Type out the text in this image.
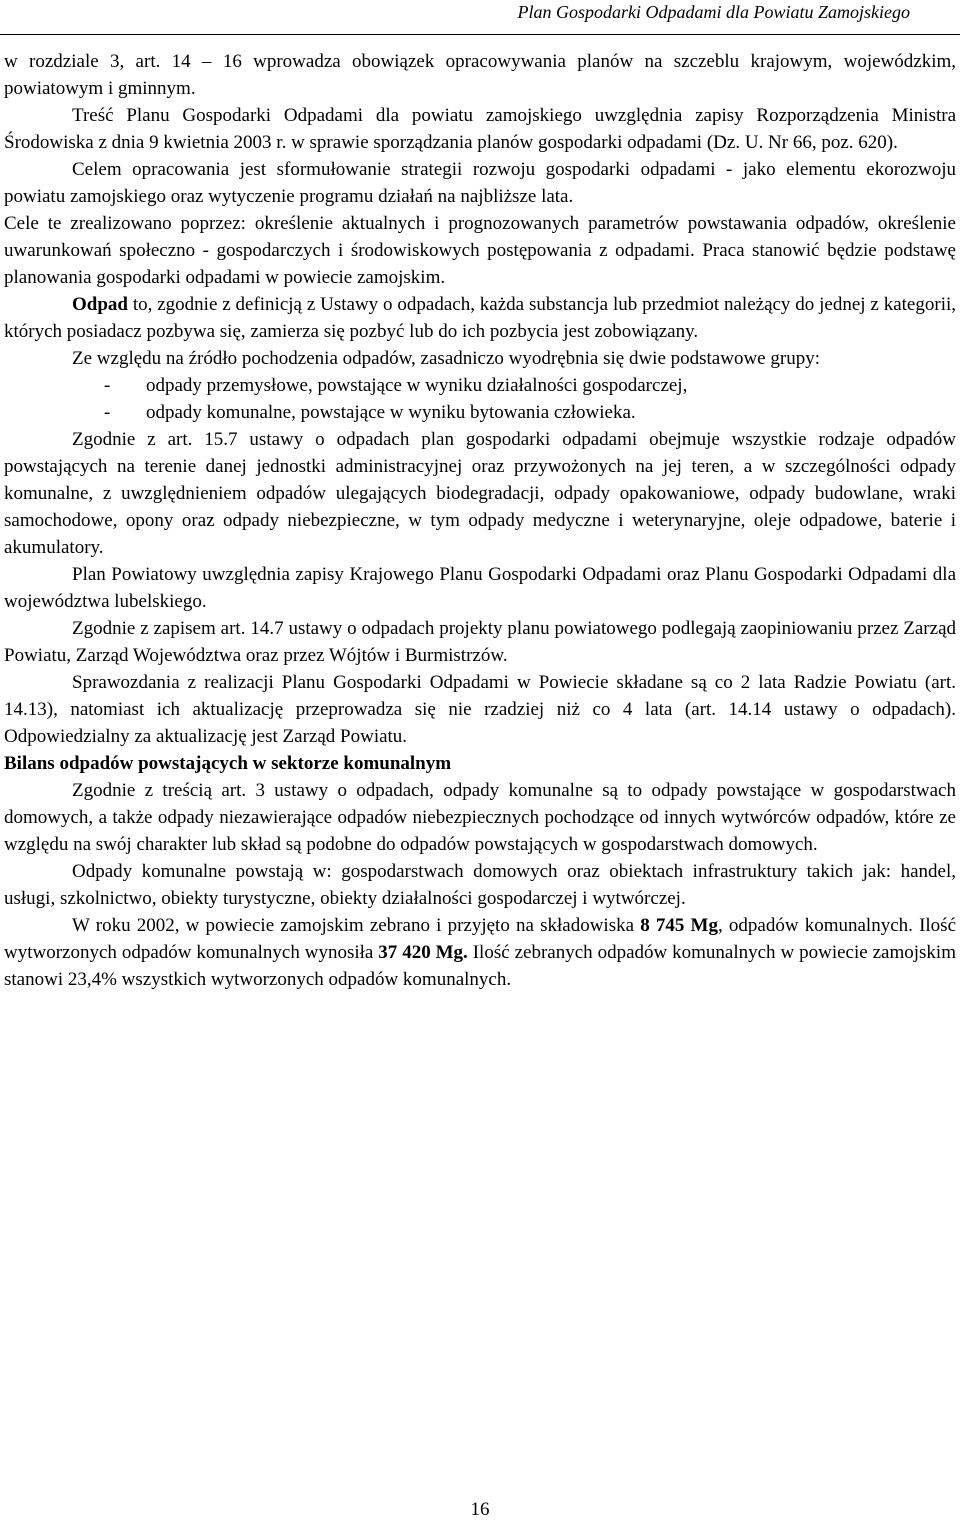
Plan Gospodarki Odpadami dla Powiatu Zamojskiego

w rozdziale 3, art. 14 – 16 wprowadza obowiązek opracowywania planów na szczeblu krajowym, wojewódzkim, powiatowym i gminnym.

Treść Planu Gospodarki Odpadami dla powiatu zamojskiego uwzględnia zapisy Rozporządzenia Ministra Środowiska z dnia 9 kwietnia 2003 r. w sprawie sporządzania planów gospodarki odpadami (Dz. U. Nr 66, poz. 620).

Celem opracowania jest sformułowanie strategii rozwoju gospodarki odpadami - jako elementu ekorozwoju powiatu zamojskiego oraz wytyczenie programu działań na najbliższe lata.

Cele te zrealizowano poprzez: określenie aktualnych i prognozowanych parametrów powstawania odpadów, określenie uwarunkowań społeczno - gospodarczych i środowiskowych postępowania z odpadami. Praca stanowić będzie podstawę planowania gospodarki odpadami w powiecie zamojskim.

Odpad to, zgodnie z definicją z Ustawy o odpadach, każda substancja lub przedmiot należący do jednej z kategorii, których posiadacz pozbywa się, zamierza się pozbyć lub do ich pozbycia jest zobowiązany.

Ze względu na źródło pochodzenia odpadów, zasadniczo wyodrębnia się dwie podstawowe grupy:

- odpady przemysłowe, powstające w wyniku działalności gospodarczej,
- odpady komunalne, powstające w wyniku bytowania człowieka.

Zgodnie z art. 15.7 ustawy o odpadach plan gospodarki odpadami obejmuje wszystkie rodzaje odpadów powstających na terenie danej jednostki administracyjnej oraz przywożonych na jej teren, a w szczególności odpady komunalne, z uwzględnieniem odpadów ulegających biodegradacji, odpady opakowaniowe, odpady budowlane, wraki samochodowe, opony oraz odpady niebezpieczne, w tym odpady medyczne i weterynaryjne, oleje odpadowe, baterie i akumulatory.

Plan Powiatowy uwzględnia zapisy Krajowego Planu Gospodarki Odpadami oraz Planu Gospodarki Odpadami dla województwa lubelskiego.

Zgodnie z zapisem art. 14.7 ustawy o odpadach projekty planu powiatowego podlegają zaopiniowaniu przez Zarząd Powiatu, Zarząd Województwa oraz przez Wójtów i Burmistrzów.

Sprawozdania z realizacji Planu Gospodarki Odpadami w Powiecie składane są co 2 lata Radzie Powiatu (art. 14.13), natomiast ich aktualizację przeprowadza się nie rzadziej niż co 4 lata (art. 14.14 ustawy o odpadach). Odpowiedzialny za aktualizację jest Zarząd Powiatu.

Bilans odpadów powstających w sektorze komunalnym

Zgodnie z treścią art. 3 ustawy o odpadach, odpady komunalne są to odpady powstające w gospodarstwach domowych, a także odpady niezawierające odpadów niebezpiecznych pochodzące od innych wytwórców odpadów, które ze względu na swój charakter lub skład są podobne do odpadów powstających w gospodarstwach domowych.

Odpady komunalne powstają w: gospodarstwach domowych oraz obiektach infrastruktury takich jak: handel, usługi, szkolnictwo, obiekty turystyczne, obiekty działalności gospodarczej i wytwórczej.

W roku 2002, w powiecie zamojskim zebrano i przyjęto na składowiska 8 745 Mg, odpadów komunalnych. Ilość wytworzonych odpadów komunalnych wynosiła 37 420 Mg. Ilość zebranych odpadów komunalnych w powiecie zamojskim stanowi 23,4% wszystkich wytworzonych odpadów komunalnych.

16
